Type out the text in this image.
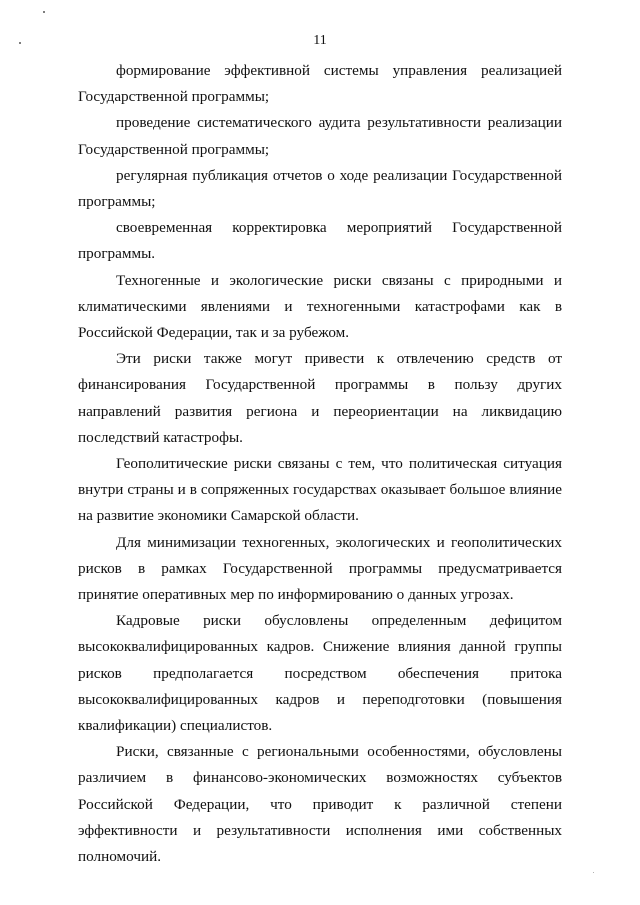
11

формирование эффективной системы управления реализацией Государственной программы;

проведение систематического аудита результативности реализации Государственной программы;

регулярная публикация отчетов о ходе реализации Государственной программы;

своевременная корректировка мероприятий Государственной программы.

Техногенные и экологические риски связаны с природными и климатическими явлениями и техногенными катастрофами как в Российской Федерации, так и за рубежом.

Эти риски также могут привести к отвлечению средств от финансирования Государственной программы в пользу других направлений развития региона и переориентации на ликвидацию последствий катастрофы.

Геополитические риски связаны с тем, что политическая ситуация внутри страны и в сопряженных государствах оказывает большое влияние на развитие экономики Самарской области.

Для минимизации техногенных, экологических и геополитических рисков в рамках Государственной программы предусматривается принятие оперативных мер по информированию о данных угрозах.

Кадровые риски обусловлены определенным дефицитом высококвалифицированных кадров. Снижение влияния данной группы рисков предполагается посредством обеспечения притока высококвалифицированных кадров и переподготовки (повышения квалификации) специалистов.

Риски, связанные с региональными особенностями, обусловлены различием в финансово-экономических возможностях субъектов Российской Федерации, что приводит к различной степени эффективности и результативности исполнения ими собственных полномочий.
